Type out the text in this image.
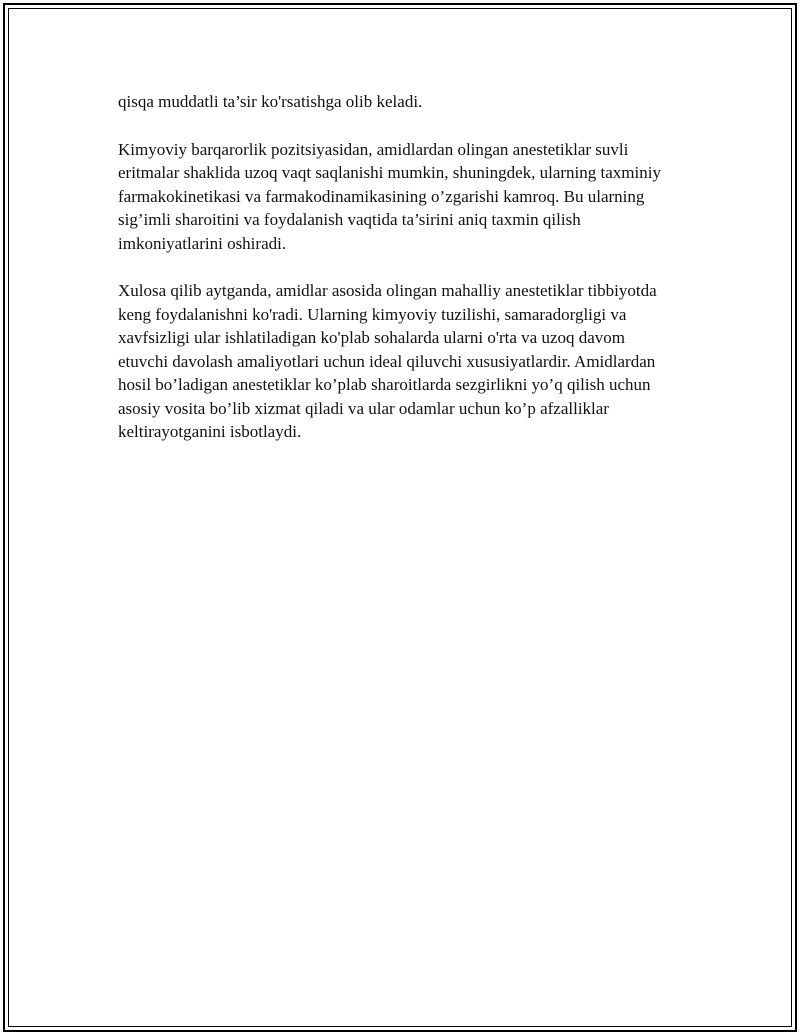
qisqa muddatli ta’sir ko'rsatishga olib keladi.

Kimyoviy barqarorlik pozitsiyasidan, amidlardan olingan anestetiklar suvli eritmalar shaklida uzoq vaqt saqlanishi mumkin, shuningdek, ularning taxminiy farmakokinetikasi va farmakodinamikasining o’zgarishi kamroq. Bu ularning sig’imli sharoitini va foydalanish vaqtida ta’sirini aniq taxmin qilish imkoniyatlarini oshiradi.

Xulosa qilib aytganda, amidlar asosida olingan mahalliy anestetiklar tibbiyotda keng foydalanishni ko'radi. Ularning kimyoviy tuzilishi, samaradorgligi va xavfsizligi ular ishlatiladigan ko'plab sohalarda ularni o'rta va uzoq davom etuvchi davolash amaliyotlari uchun ideal qiluvchi xususiyatlardir. Amidlardan hosil bo’ladigan anestetiklar ko’plab sharoitlarda sezgirlikni yo’q qilish uchun asosiy vosita bo’lib xizmat qiladi va ular odamlar uchun ko’p afzalliklar keltirayotganini isbotlaydi.
